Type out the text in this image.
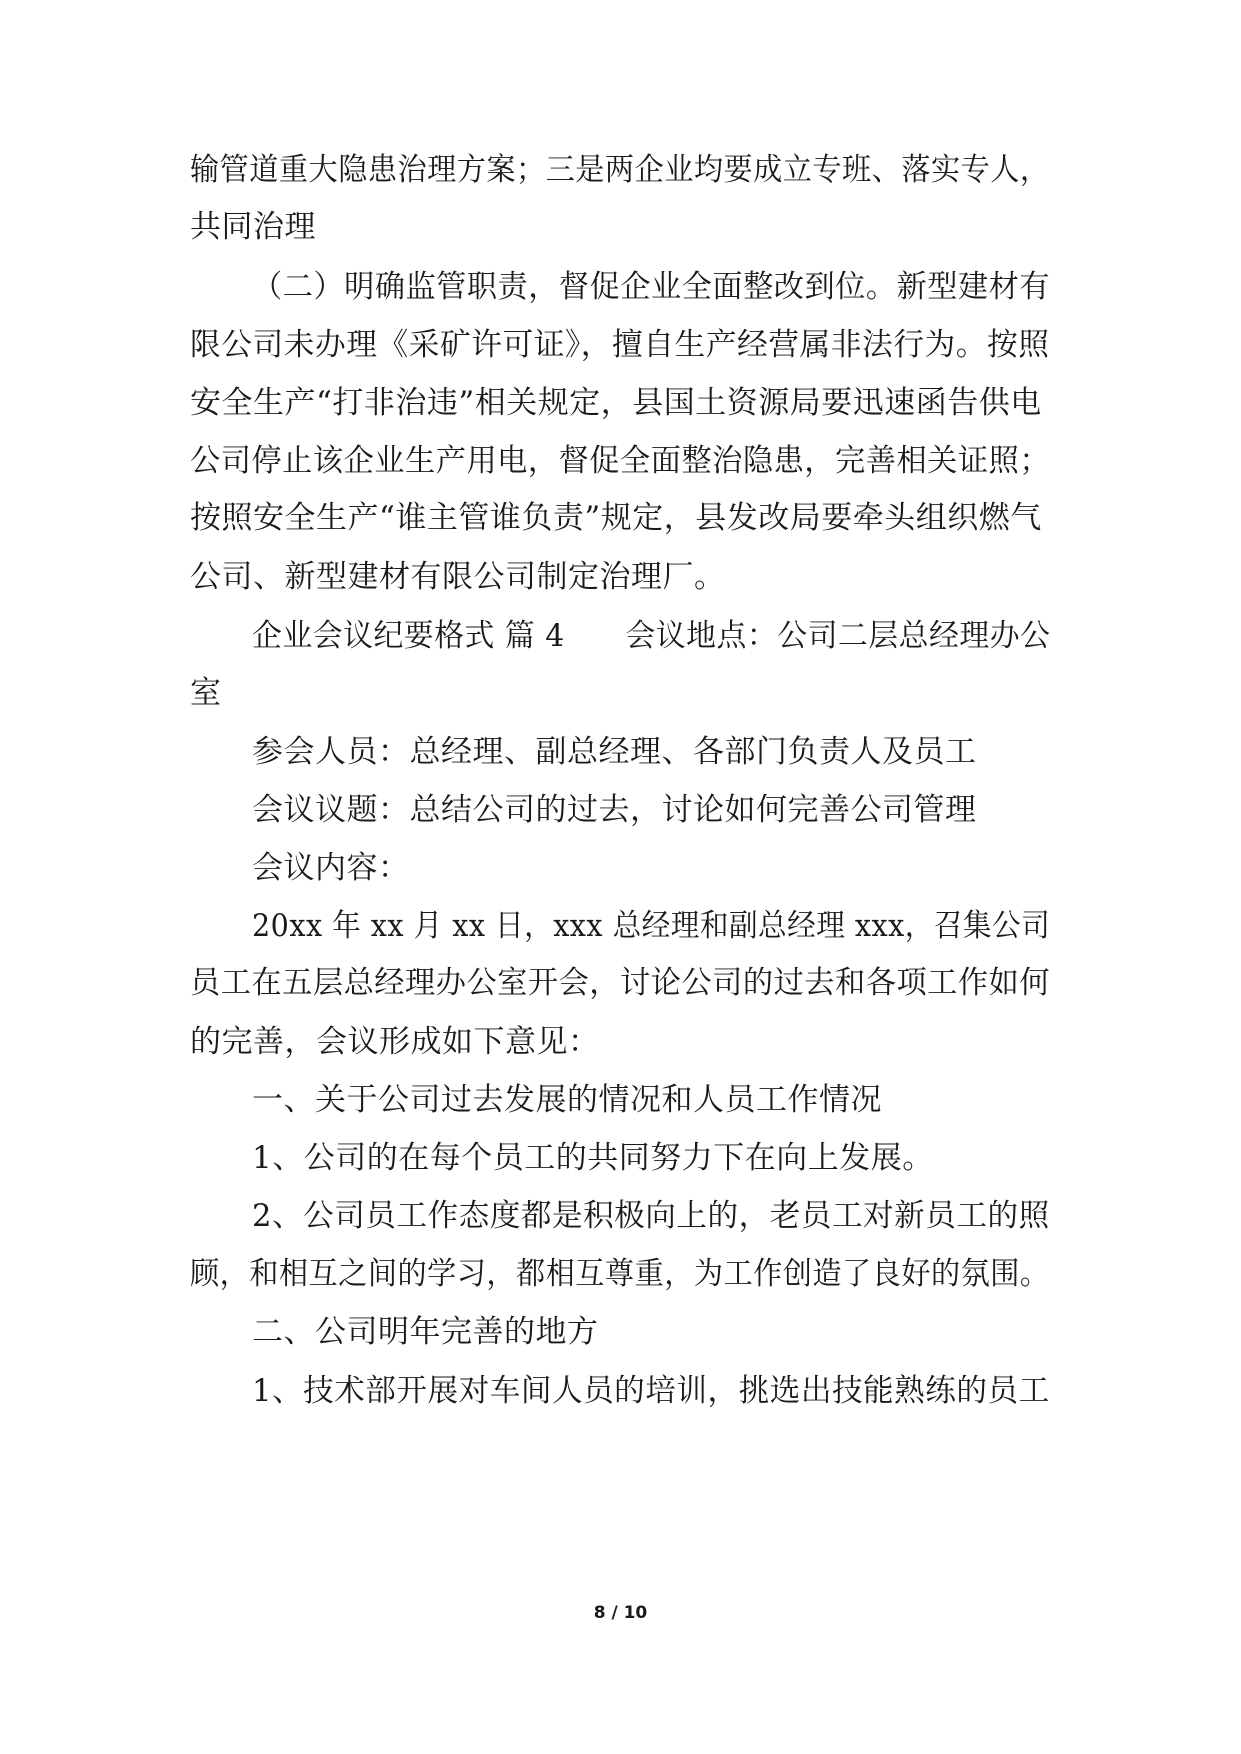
输管道重大隐患治理方案；三是两企业均要成立专班、落实专人，
共同治理
（二）明确监管职责，督促企业全面整改到位。新型建材有
限公司未办理《采矿许可证》，擅自生产经营属非法行为。按照
安全生产“打非治违”相关规定，县国土资源局要迅速函告供电
公司停止该企业生产用电，督促全面整治隐患，完善相关证照；
按照安全生产“谁主管谁负责”规定，县发改局要牵头组织燃气
公司、新型建材有限公司制定治理厂。
企业会议纪要格式 篇 4　　会议地点：公司二层总经理办公
室
参会人员：总经理、副总经理、各部门负责人及员工
会议议题：总结公司的过去，讨论如何完善公司管理
会议内容：
20xx 年 xx 月 xx 日，xxx 总经理和副总经理 xxx，召集公司
员工在五层总经理办公室开会，讨论公司的过去和各项工作如何
的完善，会议形成如下意见：
一、关于公司过去发展的情况和人员工作情况
1、公司的在每个员工的共同努力下在向上发展。
2、公司员工作态度都是积极向上的，老员工对新员工的照
顾，和相互之间的学习，都相互尊重，为工作创造了良好的氛围。
二、公司明年完善的地方
1、技术部开展对车间人员的培训，挑选出技能熟练的员工
8 / 10
